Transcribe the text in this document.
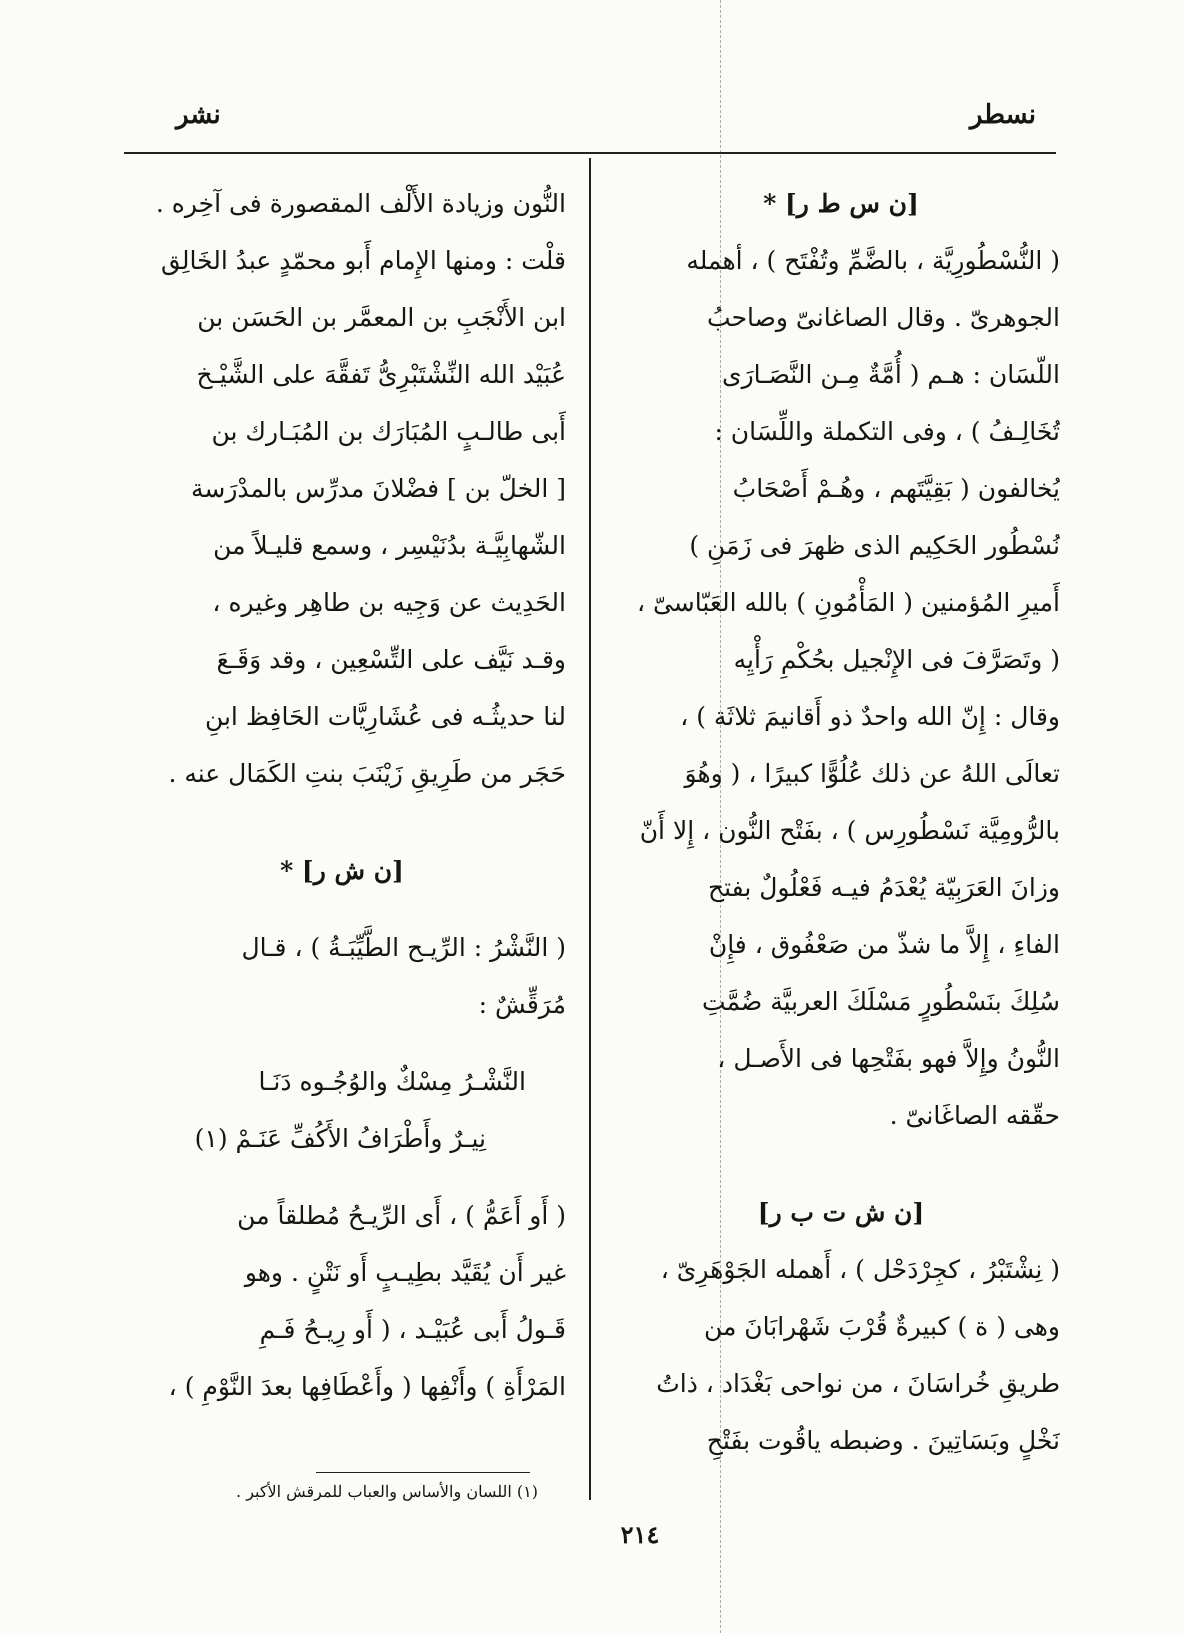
نسطر
نشر
[ن س ط ر] *
( النُّسْطُورِيَّة ، بالضَّمِّ وتُفْتَح ) ، أهمله
الجوهرىّ . وقال الصاغانىّ وصاحبُ
اللّسَان : هـم ( أُمَّةٌ مِـن النَّصَـارَى
تُخَالِـفُ ) ، وفى التكملة واللِّسَان :
يُخالفون ( بَقِيَّتَهم ، وهُـمْ أَصْحَابُ
نُسْطُور الحَكِيم الذى ظهرَ فى زَمَنِ )
أَميرِ المُؤمنين ( المَأْمُونِ ) بالله العَبّاسىّ ،
( وتَصَرَّفَ فى الإِنْجيل بحُكْمِ رَأْيِه
وقال : إِنّ الله واحدٌ ذو أَقانيمَ ثلاثَة ) ،
تعالَى اللهُ عن ذلك عُلُوًّا كبيرًا ، ( وهُوَ
بالرُّومِيَّة نَسْطُورِس ) ، بفَتْح النُّون ، إِلا أَنّ
وزانَ العَرَبِيّة يُعْدَمُ فيـه فَعْلُولٌ بفتح
الفاءِ ، إِلاَّ ما شذّ من صَعْفُوق ، فإِنْ
سُلِكَ بنَسْطُورٍ مَسْلَكَ العربيَّة ضُمَّتِ
النُّونُ وإِلاَّ فهو بفَتْحِها فى الأَصـل ،
حقّقه الصاغَانىّ .
[ن ش ت ب ر]
( نِشْتَبْرُ ، كجِرْدَحْل ) ، أَهمله الجَوْهَرِىّ ،
وهى ( ة ) كبيرةٌ قُرْبَ شَهْرابَانَ من
طريقِ خُراسَانَ ، من نواحى بَغْدَاد ، ذاتُ
نَخْلٍ وبَسَاتِينَ . وضبطه ياقُوت بفَتْحِ
النُّون وزيادة الأَلْف المقصورة فى آخِره .
قلْت : ومنها الإِمام أَبو محمّدٍ عبدُ الخَالِق
ابن الأَنْجَبِ بن المعمَّر بن الحَسَن بن
عُبَيْد الله النِّشْتَبْرِىُّ تَفقَّهَ على الشَّيْـخ
أَبى طالـبٍ المُبَارَك بن المُبَـارك بن
[ الخلّ بن ] فضْلانَ مدرِّس بالمدْرَسة
الشّهابِيَّـة بدُنَيْسِر ، وسمع قليـلاً من
الحَدِيث عن وَجِيه بن طاهِر وغيره ،
وقـد نَيَّف على التِّسْعِين ، وقد وَقَـعَ
لنا حديثُـه فى عُشَارِيَّات الحَافِظ ابنِ
حَجَر من طَرِيقِ زَيْنَبَ بنتِ الكَمَال عنه .
[ن ش ر] *
( النَّشْرُ : الرِّيـح الطَّيِّبَـةُ ) ، قـال
مُرَقِّشٌ :
النَّشْـرُ مِسْكٌ والوُجُـوه دَنَـا
نِيـرٌ وأَطْرَافُ الأَكُفِّ عَنَـمْ (١)
( أَو أَعَمُّ ) ، أَى الرِّيـحُ مُطلقاً من
غير أَن يُقَيَّد بطِيـبٍ أَو نَتْنٍ . وهو
قَـولُ أَبى عُبَيْـد ، ( أَو رِيـحُ فَـمِ
المَرْأَةِ ) وأَنْفِها ( وأَعْطَافِها بعدَ النَّوْمِ ) ،
(١) اللسان والأساس والعباب للمرقش الأكبر .
٢١٤
